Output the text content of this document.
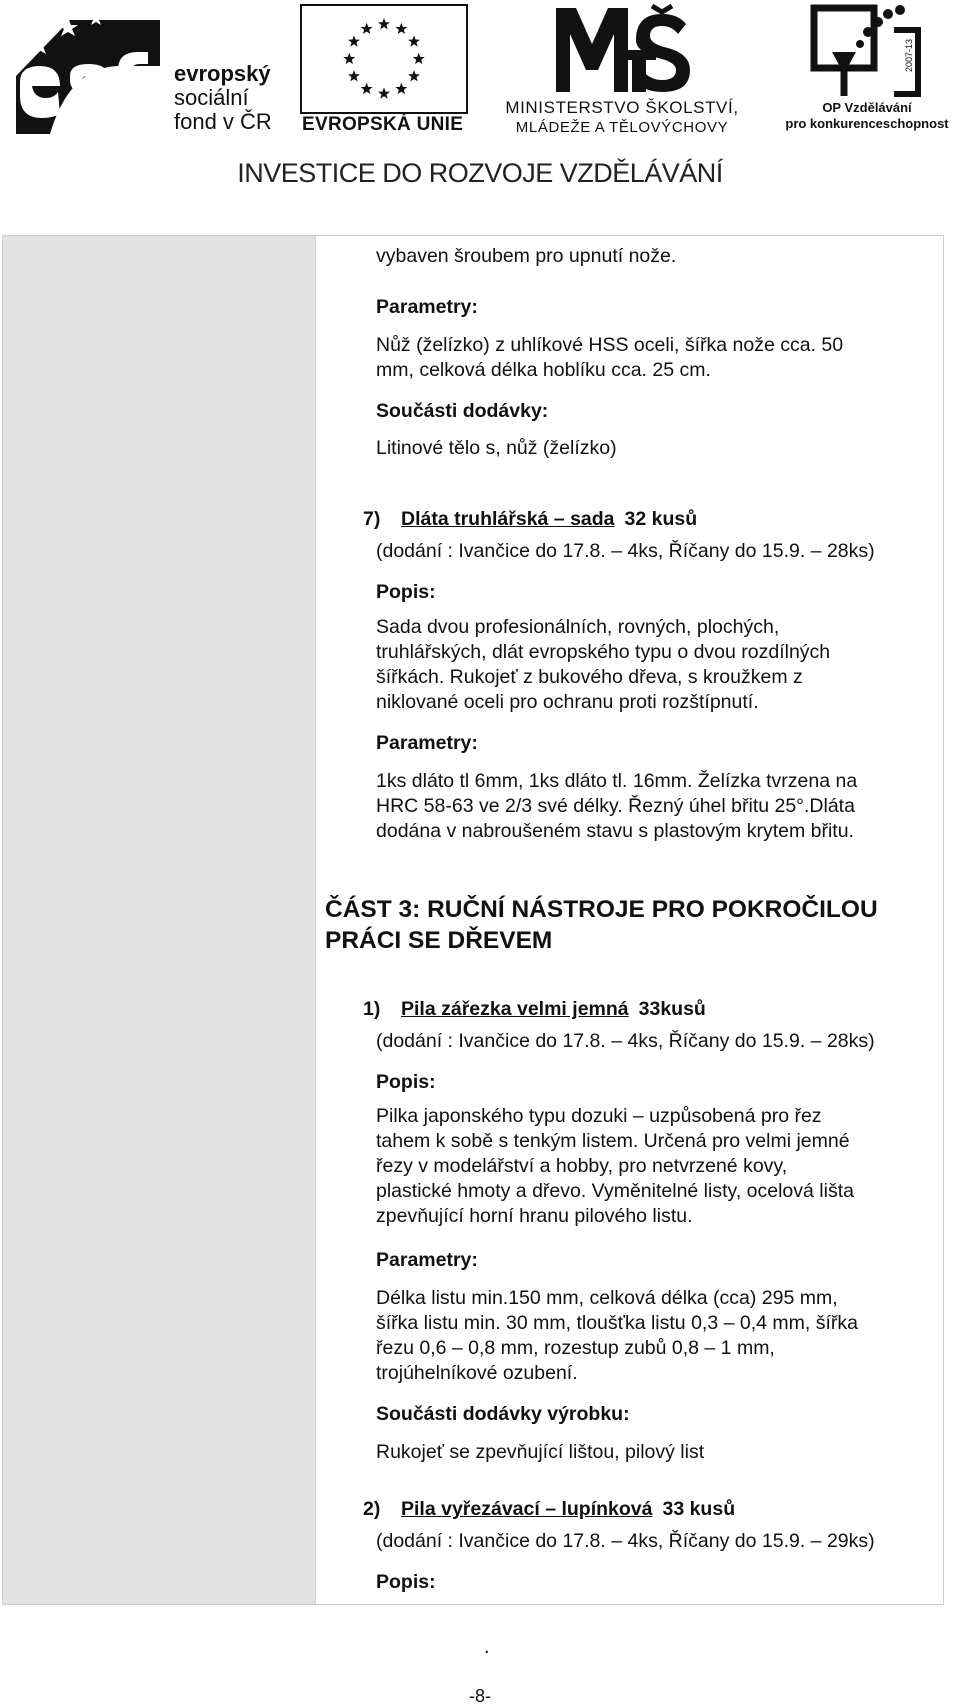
evropský
sociální
fond v ČR EVROPSKÁ UNIE
MINISTERSTVO ŠKOLSTVÍ,
MLÁDEŽE A TĚLOVÝCHOVY
2007-13
OP Vzdělávání
pro konkurenceschopnost
INVESTICE DO ROZVOJE VZDĚLÁVÁNÍ
vybaven šroubem pro upnutí nože.
Parametry:
Nůž (želízko) z uhlíkové HSS oceli, šířka nože cca. 50
mm, celková délka hoblíku cca. 25 cm.
Součásti dodávky:
Litinové tělo s, nůž (želízko)
7) Dláta truhlářská – sada 32 kusů
(dodání : Ivančice do 17.8. – 4ks, Říčany do 15.9. – 28ks)
Popis:
Sada dvou profesionálních, rovných, plochých,
truhlářských, dlát evropského typu o dvou rozdílných
šířkách. Rukojeť z bukového dřeva, s kroužkem z
niklované oceli pro ochranu proti rozštípnutí.
Parametry:
1ks dláto tl 6mm, 1ks dláto tl. 16mm. Želízka tvrzena na
HRC 58-63 ve 2/3 své délky. Řezný úhel břitu 25°.Dláta
dodána v nabroušeném stavu s plastovým krytem břitu.
ČÁST 3: RUČNÍ NÁSTROJE PRO POKROČILOU
PRÁCI SE DŘEVEM
1) Pila zářezka velmi jemná 33kusů
(dodání : Ivančice do 17.8. – 4ks, Říčany do 15.9. – 28ks)
Popis:
Pilka japonského typu dozuki – uzpůsobená pro řez
tahem k sobě s tenkým listem. Určená pro velmi jemné
řezy v modelářství a hobby, pro netvrzené kovy,
plastické hmoty a dřevo. Vyměnitelné listy, ocelová lišta
zpevňující horní hranu pilového listu.
Parametry:
Délka listu min.150 mm, celková délka (cca) 295 mm,
šířka listu min. 30 mm, tloušťka listu 0,3 – 0,4 mm, šířka
řezu 0,6 – 0,8 mm, rozestup zubů 0,8 – 1 mm,
trojúhelníkové ozubení.
Součásti dodávky výrobku:
Rukojeť se zpevňující lištou, pilový list
2) Pila vyřezávací – lupínková 33 kusů
(dodání : Ivančice do 17.8. – 4ks, Říčany do 15.9. – 29ks)
Popis:
.
-8-
